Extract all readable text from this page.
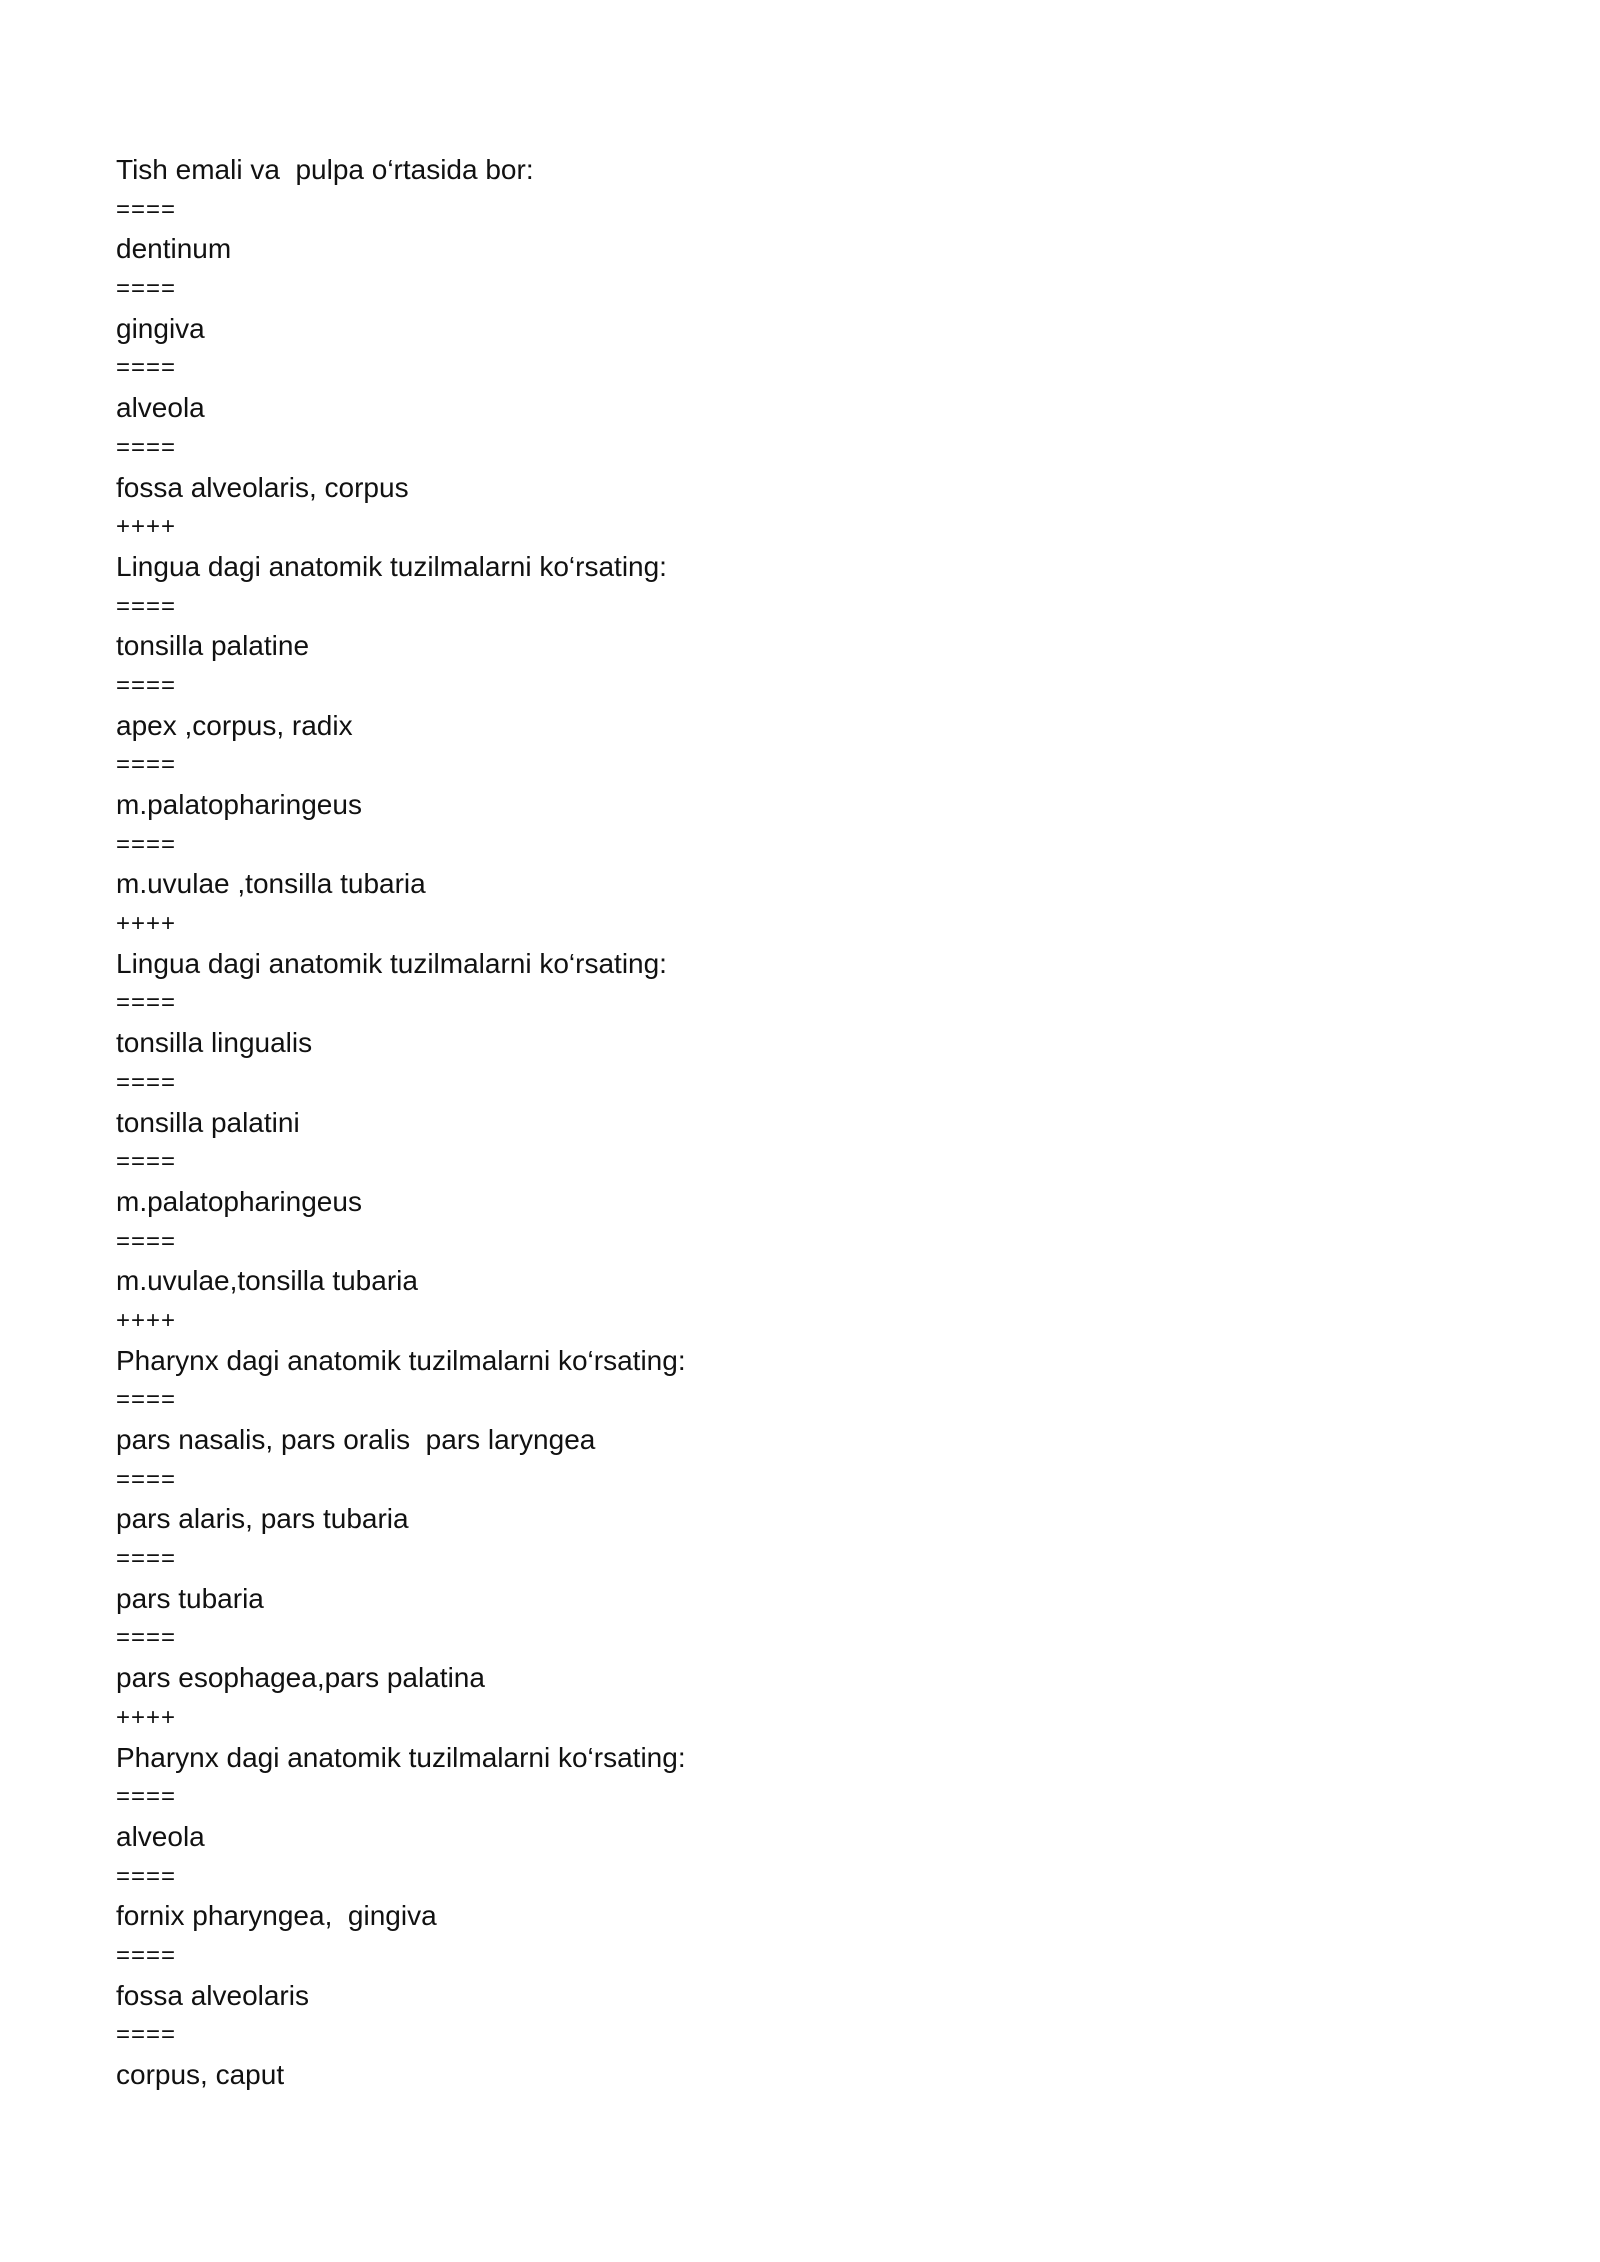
Tish emali va  pulpa o‘rtasida bor:
====
dentinum
====
gingiva
====
alveola
====
fossa alveolaris, corpus
++++
Lingua dagi anatomik tuzilmalarni ko‘rsating:
====
tonsilla palatine
====
apex ,corpus, radix
====
m.palatopharingeus
====
m.uvulae ,tonsilla tubaria
++++
Lingua dagi anatomik tuzilmalarni ko‘rsating:
====
tonsilla lingualis
====
tonsilla palatini
====
m.palatopharingeus
====
m.uvulae,tonsilla tubaria
++++
Pharynx dagi anatomik tuzilmalarni ko‘rsating:
====
pars nasalis, pars oralis  pars laryngea
====
pars alaris, pars tubaria
====
pars tubaria
====
pars esophagea,pars palatina
++++
Pharynx dagi anatomik tuzilmalarni ko‘rsating:
====
alveola
====
fornix pharyngea,  gingiva
====
fossa alveolaris
====
corpus, caput
